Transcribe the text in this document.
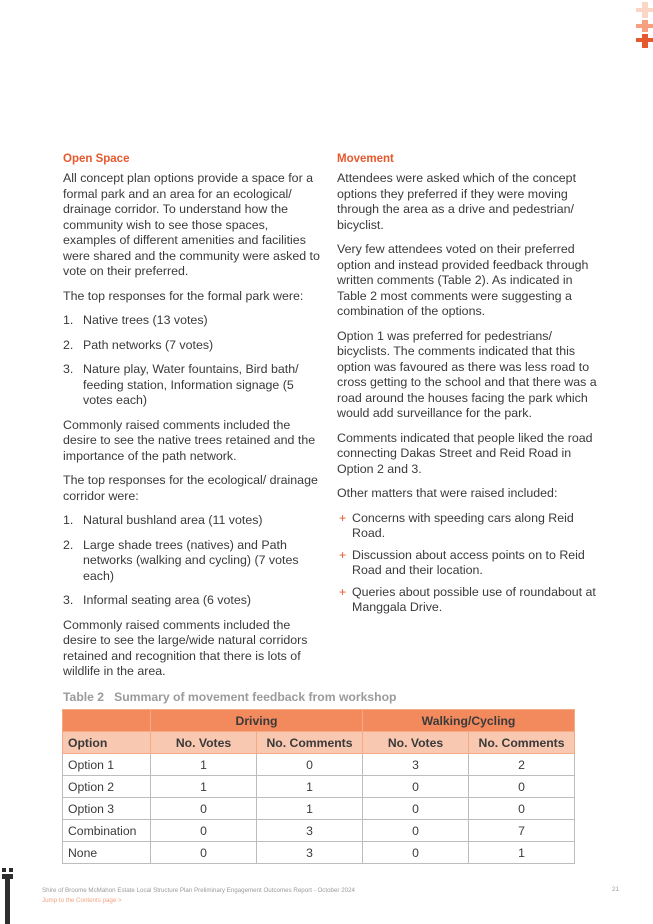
Open Space

All concept plan options provide a space for a formal park and an area for an ecological/ drainage corridor. To understand how the community wish to see those spaces, examples of different amenities and facilities were shared and the community were asked to vote on their preferred.

The top responses for the formal park were:

1. Native trees (13 votes)
2. Path networks (7 votes)
3. Nature play, Water fountains, Bird bath/ feeding station, Information signage (5 votes each)

Commonly raised comments included the desire to see the native trees retained and the importance of the path network.

The top responses for the ecological/ drainage corridor were:

1. Natural bushland area (11 votes)
2. Large shade trees (natives) and Path networks (walking and cycling) (7 votes each)
3. Informal seating area (6 votes)

Commonly raised comments included the desire to see the large/wide natural corridors retained and recognition that there is lots of wildlife in the area.

Movement

Attendees were asked which of the concept options they preferred if they were moving through the area as a drive and pedestrian/ bicyclist.

Very few attendees voted on their preferred option and instead provided feedback through written comments (Table 2). As indicated in Table 2 most comments were suggesting a combination of the options.

Option 1 was preferred for pedestrians/ bicyclists. The comments indicated that this option was favoured as there was less road to cross getting to the school and that there was a road around the houses facing the park which would add surveillance for the park.

Comments indicated that people liked the road connecting Dakas Street and Reid Road in Option 2 and 3.

Other matters that were raised included:

+ Concerns with speeding cars along Reid Road.
+ Discussion about access points on to Reid Road and their location.
+ Queries about possible use of roundabout at Manggala Drive.
Table 2 Summary of movement feedback from workshop
	Driving		Walking/Cycling	
Option	No. Votes	No. Comments	No. Votes	No. Comments
Option 1	1	0	3	2
Option 2	1	1	0	0
Option 3	0	1	0	0
Combination	0	3	0	7
None	0	3	0	1
Shire of Broome McMahon Estate Local Structure Plan Preliminary Engagement Outcomes Report - October 2024
Jump to the Contents page >
21
